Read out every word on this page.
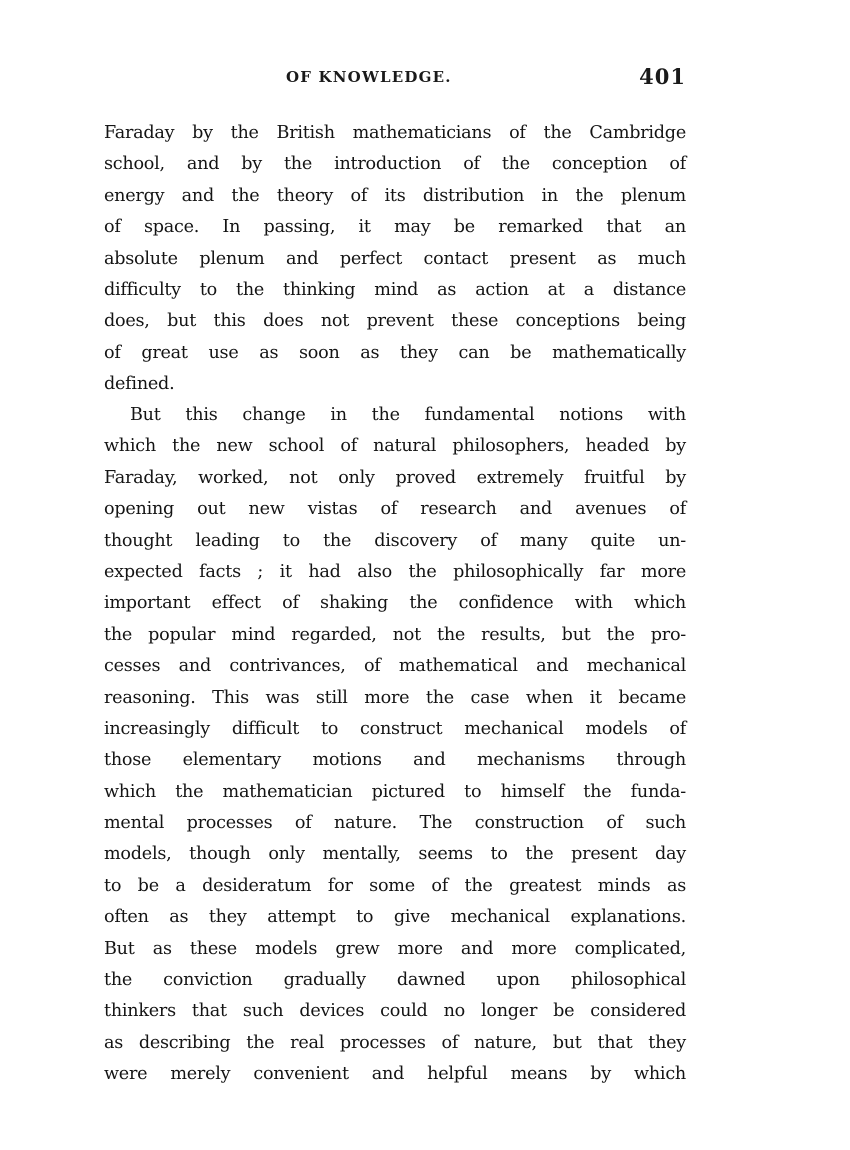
OF KNOWLEDGE.	401
Faraday by the British mathematicians of the Cambridge
school, and by the introduction of the conception of
energy and the theory of its distribution in the plenum
of space. In passing, it may be remarked that an
absolute plenum and perfect contact present as much
difficulty to the thinking mind as action at a distance
does, but this does not prevent these conceptions being
of great use as soon as they can be mathematically
defined.
But this change in the fundamental notions with
which the new school of natural philosophers, headed by
Faraday, worked, not only proved extremely fruitful by
opening out new vistas of research and avenues of
thought leading to the discovery of many quite un-
expected facts ; it had also the philosophically far more
important effect of shaking the confidence with which
the popular mind regarded, not the results, but the pro-
cesses and contrivances, of mathematical and mechanical
reasoning. This was still more the case when it became
increasingly difficult to construct mechanical models of
those elementary motions and mechanisms through
which the mathematician pictured to himself the funda-
mental processes of nature. The construction of such
models, though only mentally, seems to the present day
to be a desideratum for some of the greatest minds as
often as they attempt to give mechanical explanations.
But as these models grew more and more complicated,
the conviction gradually dawned upon philosophical
thinkers that such devices could no longer be considered
as describing the real processes of nature, but that they
were merely convenient and helpful means by which
